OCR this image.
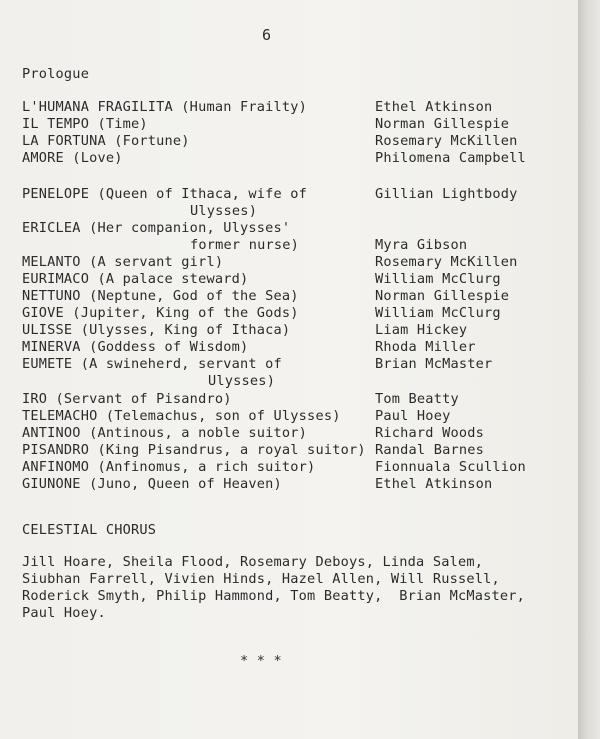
6
Prologue
L'HUMANA FRAGILITA (Human Frailty)	Ethel Atkinson
IL TEMPO (Time)	Norman Gillespie
LA FORTUNA (Fortune)	Rosemary McKillen
AMORE (Love)	Philomena Campbell
PENELOPE (Queen of Ithaca, wife of	Gillian Lightbody
Ulysses)
ERICLEA (Her companion, Ulysses'
former nurse)	Myra Gibson
MELANTO (A servant girl)	Rosemary McKillen
EURIMACO (A palace steward)	William McClurg
NETTUNO (Neptune, God of the Sea)	Norman Gillespie
GIOVE (Jupiter, King of the Gods)	William McClurg
ULISSE (Ulysses, King of Ithaca)	Liam Hickey
MINERVA (Goddess of Wisdom)	Rhoda Miller
EUMETE (A swineherd, servant of	Brian McMaster
Ulysses)
IRO (Servant of Pisandro)	Tom Beatty
TELEMACHO (Telemachus, son of Ulysses)	Paul Hoey
ANTINOO (Antinous, a noble suitor)	Richard Woods
PISANDRO (King Pisandrus, a royal suitor) Randal Barnes
ANFINOMO (Anfinomus, a rich suitor)	Fionnuala Scullion
GIUNONE (Juno, Queen of Heaven)	Ethel Atkinson
CELESTIAL CHORUS
Jill Hoare, Sheila Flood, Rosemary Deboys, Linda Salem,
Siubhan Farrell, Vivien Hinds, Hazel Allen, Will Russell,
Roderick Smyth, Philip Hammond, Tom Beatty,  Brian McMaster,
Paul Hoey.
* * *
